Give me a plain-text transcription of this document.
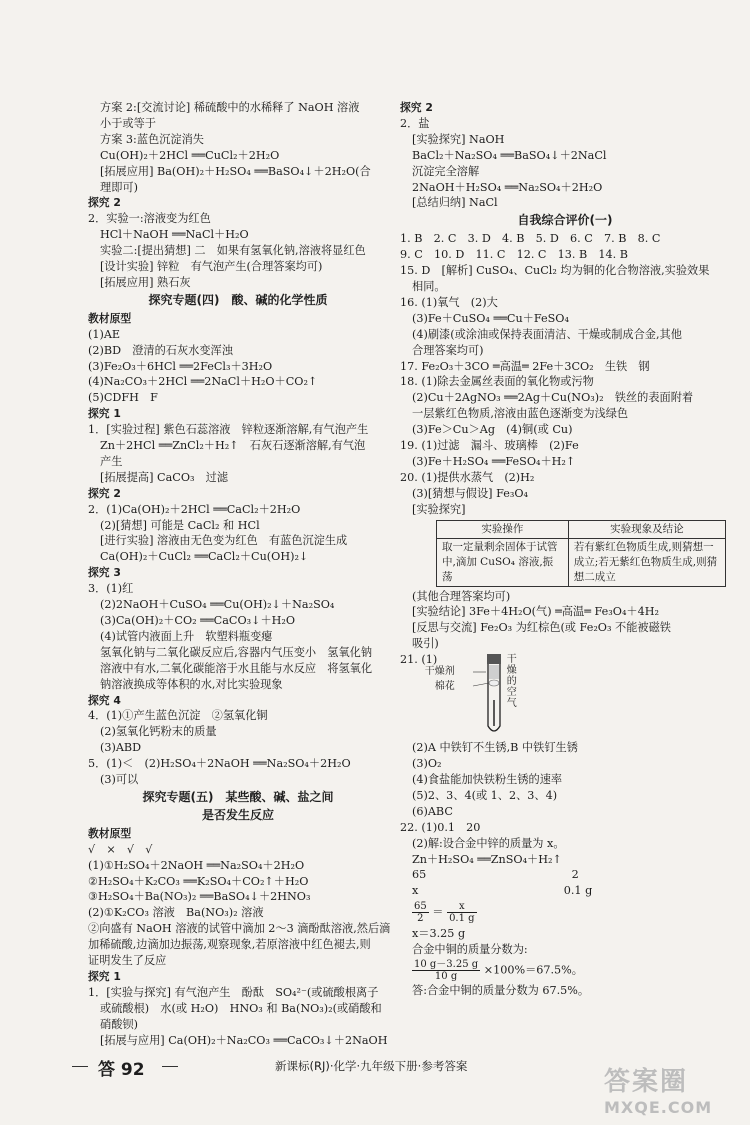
方案 2:[交流讨论] 稀硫酸中的水稀释了 NaOH 溶液
小于或等于
方案 3:蓝色沉淀消失
Cu(OH)₂＋2HCl ══CuCl₂＋2H₂O
[拓展应用] Ba(OH)₂＋H₂SO₄ ══BaSO₄↓＋2H₂O(合
理即可)
探究 2
2．实验一:溶液变为红色
HCl＋NaOH ══NaCl＋H₂O
实验二:[提出猜想] 二　如果有氢氧化钠,溶液将显红色
[设计实验] 锌粒　有气泡产生(合理答案均可)
[拓展应用] 熟石灰
探究专题(四)　酸、碱的化学性质
教材原型
(1)AE
(2)BD　澄清的石灰水变浑浊
(3)Fe₂O₃＋6HCl ══2FeCl₃＋3H₂O
(4)Na₂CO₃＋2HCl ══2NaCl＋H₂O＋CO₂↑
(5)CDFH　F
探究 1
1．[实验过程] 紫色石蕊溶液　锌粒逐渐溶解,有气泡产生
Zn＋2HCl ══ZnCl₂＋H₂↑　石灰石逐渐溶解,有气泡
产生
[拓展提高] CaCO₃　过滤
探究 2
2．(1)Ca(OH)₂＋2HCl ══CaCl₂＋2H₂O
(2)[猜想] 可能是 CaCl₂ 和 HCl
[进行实验] 溶液由无色变为红色　有蓝色沉淀生成
Ca(OH)₂＋CuCl₂ ══CaCl₂＋Cu(OH)₂↓
探究 3
3．(1)红
(2)2NaOH＋CuSO₄ ══Cu(OH)₂↓＋Na₂SO₄
(3)Ca(OH)₂＋CO₂ ══CaCO₃↓＋H₂O
(4)试管内液面上升　软塑料瓶变瘪
氢氧化钠与二氧化碳反应后,容器内气压变小　氢氧化钠
溶液中有水,二氧化碳能溶于水且能与水反应　将氢氧化
钠溶液换成等体积的水,对比实验现象
探究 4
4．(1)①产生蓝色沉淀　②氢氧化铜
(2)氢氧化钙粉末的质量
(3)ABD
5．(1)＜　(2)H₂SO₄＋2NaOH ══Na₂SO₄＋2H₂O
(3)可以
探究专题(五)　某些酸、碱、盐之间
是否发生反应
教材原型
√　×　√　√
(1)①H₂SO₄＋2NaOH ══Na₂SO₄＋2H₂O
②H₂SO₄＋K₂CO₃ ══K₂SO₄＋CO₂↑＋H₂O
③H₂SO₄＋Ba(NO₃)₂ ══BaSO₄↓＋2HNO₃
(2)①K₂CO₃ 溶液　Ba(NO₃)₂ 溶液
②向盛有 NaOH 溶液的试管中滴加 2～3 滴酚酞溶液,然后滴
加稀硫酸,边滴加边振荡,观察现象,若原溶液中红色褪去,则
证明发生了反应
探究 1
1．[实验与探究] 有气泡产生　酚酞　SO₄²⁻(或硫酸根离子
或硫酸根)　水(或 H₂O)　HNO₃ 和 Ba(NO₃)₂(或硝酸和
硝酸钡)
[拓展与应用] Ca(OH)₂＋Na₂CO₃ ══CaCO₃↓＋2NaOH
探究 2
2．盐
[实验探究] NaOH
BaCl₂＋Na₂SO₄ ══BaSO₄↓＋2NaCl
沉淀完全溶解
2NaOH＋H₂SO₄ ══Na₂SO₄＋2H₂O
[总结归纳] NaCl
自我综合评价(一)
1. B　2. C　3. D　4. B　5. D　6. C　7. B　8. C
9. C　10. D　11. C　12. C　13. B　14. B
15. D　[解析] CuSO₄、CuCl₂ 均为铜的化合物溶液,实验效果
相同。
16. (1)氧气　(2)大
(3)Fe＋CuSO₄ ══Cu＋FeSO₄
(4)刷漆(或涂油或保持表面清洁、干燥或制成合金,其他
合理答案均可)
17. Fe₂O₃＋3CO ═高温═ 2Fe＋3CO₂　生铁　钢
18. (1)除去金属丝表面的氧化物或污物
(2)Cu＋2AgNO₃ ══2Ag＋Cu(NO₃)₂　铁丝的表面附着
一层紫红色物质,溶液由蓝色逐渐变为浅绿色
(3)Fe＞Cu＞Ag　(4)铜(或 Cu)
19. (1)过滤　漏斗、玻璃棒　(2)Fe
(3)Fe＋H₂SO₄ ══FeSO₄＋H₂↑
20. (1)提供水蒸气　(2)H₂
(3)[猜想与假设] Fe₃O₄
[实验探究]
实验操作	实验现象及结论
取一定量剩余固体于试管中,滴加 CuSO₄ 溶液,振荡	若有紫红色物质生成,则猜想一成立;若无紫红色物质生成,则猜想二成立
(其他合理答案均可)
[实验结论] 3Fe＋4H₂O(气) ═高温═ Fe₃O₄＋4H₂
[反思与交流] Fe₂O₃ 为红棕色(或 Fe₂O₃ 不能被磁铁
吸引)
21. (1)
干燥剂
棉花
干燥的空气
(2)A 中铁钉不生锈,B 中铁钉生锈
(3)O₂
(4)食盐能加快铁粉生锈的速率
(5)2、3、4(或 1、2、3、4)
(6)ABC
22. (1)0.1　20
(2)解:设合金中锌的质量为 x。
Zn＋H₂SO₄ ══ZnSO₄＋H₂↑
65　　　　　　　　　　　　　2
x　　　　　　　　　　　　　0.1 g
$\frac{65}{2} = \frac{x}{0.1 g}$
x＝3.25 g
合金中铜的质量分数为:
$\frac{10 g-3.25 g}{10 g} \times 100\%=67.5\%$。
答:合金中铜的质量分数为 67.5%。
答 92	新课标(RJ)·化学·九年级下册·参考答案
答案圈
MXQE.COM
